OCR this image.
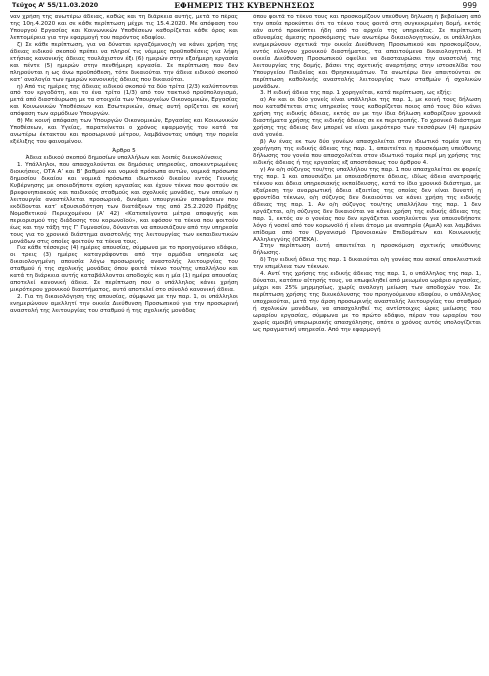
Τεύχος A’ 55/11.03.2020	ΕΦΗΜΕΡΙΣ ΤΗΣ ΚΥΒΕΡΝΗΣΕΩΣ	999

ναν χρήση της ανωτέρω άδειας, καθώς και τη διάρκεια αυτής, μετά το πέρας της 10η.4.2020 και σε κάθε περίπτωση μέχρι τις 15.4.2020. Με απόφαση του Υπουργού Εργασίας και Κοινωνικών Υποθέσεων καθορίζεται κάθε όρος και λεπτομέρεια για την εφαρμογή του παρόντος εδαφίου.

ζ) Σε κάθε περίπτωση, για να δύναται εργαζόμενος/η να κάνει χρήση της άδειας ειδικού σκοπού πρέπει να πληροί τις νόμιμες προϋποθέσεις για λήψη ετήσιας κανονικής άδειας τουλάχιστον έξι (6) ημερών στην εξαήμερη εργασία και πέντε (5) ημερών στην πενθήμερη εργασία. Σε περίπτωση που δεν πληρούνται η ως άνω προϋπόθεση, τότε δικαιούται την άδεια ειδικού σκοπού κατ’ αναλογία των ημερών κανονικής άδειας που δικαιούται.

η) Από τις ημέρες της άδειας ειδικού σκοπού τα δύο τρίτα (2/3) καλύπτονται από τον εργοδότη, και το ένα τρίτο (1/3) από τον τακτικό προϋπολογισμό, μετά από διαστάυρωση με τα στοιχεία των Υπουργείων Οικονομικών, Εργασίας και Κοινωνικών Υποθέσεων και Εσωτερικών, όπως αυτή ορίζεται σε κοινή απόφαση των αρμόδιων Υπουργών.

θ) Με κοινή απόφαση των Υπουργών Οικονομικών, Εργασίας και Κοινωνικών Υποθέσεων, και Υγείας, παρατείνεται ο χρόνος εφαρμογής του κατά τα ανωτέρω έκτακτου και προσωρινού μέτρου, λαμβάνοντας υπόψη την πορεία εξέλιξης του φαινομένου.

Άρθρο 5

Άδεια ειδικού σκοπού δημοσίων υπαλλήλων και λοιπές διευκολύνσεις

1. Υπάλληλοι, που απασχολούνται σε δημόσιες υπηρεσίες, αποκεντρωμένες διοικήσεις, ΟΤΑ Α’ και Β’ βαθμού και νομικά πρόσωπα αυτών, νομικά πρόσωπα δημοσίου δικαίου και νομικά πρόσωπα ιδιωτικού δικαίου εντός Γενικής Κυβέρνησης με οποιαδήποτε σχέση εργασίας και έχουν τέκνα που φοιτούν σε βρεφονηπιακούς και παιδικούς σταθμούς και σχολικές μονάδες, των οποίων η λειτουργία αναστέλλεται προσωρινά, δυνάμει υπουργικών αποφάσεων που εκδίδονται κατ’ εξουσιοδότηση των διατάξεων της από 25.2.2020 Πράξης Νομοθετικού Περιεχομένου (Α’ 42) «Κατεπείγοντα μέτρα αποφυγής και περιορισμού της διάδοσης του κορωνοϊού», και εφόσον τα τέκνα που φοιτούν έως και την τάξη της Γ’ Γυμνασίου, δύνανται να απουσιάζουν από την υπηρεσία τους για το χρονικό διάστημα αναστολής της λειτουργίας των εκπαιδευτικών μονάδων στις οποίες φοιτούν τα τέκνα τους.

Για κάθε τέσσερις (4) ημέρες απουσίας, σύμφωνα με το προηγούμενο εδάφιο, οι τρεις (3) ημέρες καταγράφονται από την αρμόδια υπηρεσία ως δικαιολογημένη απουσία λόγω προσωρινής αναστολής λειτουργίας του σταθμού ή της σχολικής μονάδας όπου φοιτά τέκνο του/της υπαλλήλου και κατά τη διάρκεια αυτής καταβάλλονται αποδοχές και η μία (1) ημέρα απουσίας αποτελεί κανονική άδεια. Σε περίπτωση που ο υπάλληλος κάνει χρήση μικρότερου χρονικού διαστήματος, αυτό αποτελεί στο σύνολό κανονική άδεια.

2. Για τη δικαιολόγηση της απουσίας, σύμφωνα με την παρ. 1, οι υπάλληλοι ενημερώνουν αμελλητί την οικεία Διεύθυνση Προσωπικού για την προσωρινή αναστολή της λειτουργίας του σταθμού ή της σχολικής μονάδας

όπου φοιτά το τέκνο τους και προσκομίζουν υπεύθυνη δήλωση ή βεβαίωση από την οποία προκύπτει ότι το τέκνο τους φοιτά στη συγκεκριμένη δομή, εκτός εάν αυτό προκύπτει ήδη από το αρχείο της υπηρεσίας. Σε περίπτωση αδυναμίας άμεσης προσκόμισης των ανωτέρω δικαιολογητικών, οι υπάλληλοι ενημερώνουν σχετικά την οικεία Διεύθυνση Προσωπικού και προσκομίζουν, εντός εύλογου χρονικού διαστήματος, τα απαιτούμενα δικαιολογητικά. Η οικεία Διεύθυνση Προσωπικού οφείλει να διασταυρώσει την αναστολή της λειτουργίας της δομής, βάσει της σχετικής αναρτήσης στην ιστοσελίδα του Υπουργείου Παιδείας και Θρησκευμάτων. Τα ανωτέρω δεν απαιτούνται σε περίπτωση καθολικής αναστολής λειτουργίας των σταθμών ή σχολικών μονάδων.

3. Η ειδική άδεια της παρ. 1 χορηγείται, κατά περίπτωση, ως εξής:

α) Αν και οι δύο γονείς είναι υπάλληλοι της παρ. 1, με κοινή τους δήλωση που καταθέτεται στις υπηρεσίες τους καθορίζεται ποιος από τους δύο κάνει χρήση της ειδικής άδειας, εκτός αν με την ίδια δήλωση καθορίζουν χρονικά διαστήματα χρήσης της ειδικής άδειας σε εκ περιτροπής. Το χρονικό διάστημα χρήσης της άδειας δεν μπορεί να είναι μικρότερο των τεσσάρων (4) ημερών ανά γονέα.

β) Αν ένας εκ των δύο γονέων απασχολείται στον ιδιωτικό τομέα για τη χορήγηση της ειδικής άδειας της παρ. 1, απαιτείται η προσκόμιση υπεύθυνης δήλωσης του γονέα που απασχολείται στον ιδιωτικό τομέα περί μη χρήσης της ειδικής άδειας ή της εργασίας εξ αποστάσεως του άρθρου 4.

γ) Αν ο/η σύζυγος του/της υπαλλήλου της παρ. 1 που απασχολείται σε φορείς της παρ. 1 και απουσιάζει με οποιασδήποτε άδειας, ιδίως άδεια ανατροφής τέκνου και άδεια υπηρεσιακής εκπαίδευσης, κατά το ίδιο χρονικό διάστημα, με εξαίρεση την αναρρωτική άδεια εξαιτίας της οποίας δεν είναι δυνατή η φροντίδα τέκνων, ο/η σύζυγος δεν δικαιούται να κάνει χρήση της ειδικής άδειας της παρ. 1. Αν ο/η σύζυγος του/της υπαλλήλου της παρ. 1 δεν εργάζεται, ο/η σύζυγος δεν δικαιούται να κάνει χρήση της ειδικής άδειας της παρ. 1, εκτός αν ο γονέας που δεν εργάζεται νοσηλεύεται για οποιονδήποτε λόγο ή νοσεί από τον κορωνοϊό ή είναι άτομο με αναπηρία (ΑμεΑ) και λαμβάνει επίδομα από τον Οργανισμό Προνοιακών Επιδομάτων και Κοινωνικής Αλληλεγγύης (ΟΠΕΚΑ).

Στην περίπτωση αυτή απαιτείται η προσκόμιση σχετικής υπεύθυνης δήλωσης.

δ) Την ειδική άδεια της παρ. 1 δικαιούται ο/η γονέας που ασκεί αποκλειστικά την επιμέλεια των τέκνων.

4. Αντί της χρήσης της ειδικής άδειας της παρ. 1, ο υπάλληλος της παρ. 1, δύναται, κατόπιν αίτησής τους, να επωφεληθεί από μειωμένο ωράριο εργασίας, μέχρι και 25% μηρμησίως, χωρίς αναλογη μείωση των αποδοχών του. Σε περίπτωση χρήσης της διευκόλυνσης του προηγούμενου εδαφίου, ο υπάλληλος υποχρεούται, μετά την άρση προσωρινής αναστολής λειτουργίας του σταθμού ή σχολικών μονάδων, να απασχοληθεί τις αντίστοιχες ώρες μείωσης του ωραρίου εργασίας, σύμφωνα με το πρώτο εδάφιο, πέραν του ωραρίου του χωρίς αμοιβή υπερωριακής απασχόλησης, οπότε ο χρόνος αυτός υπολογίζεται ως πραγματική υπηρεσία. Από την εφαρμογή
